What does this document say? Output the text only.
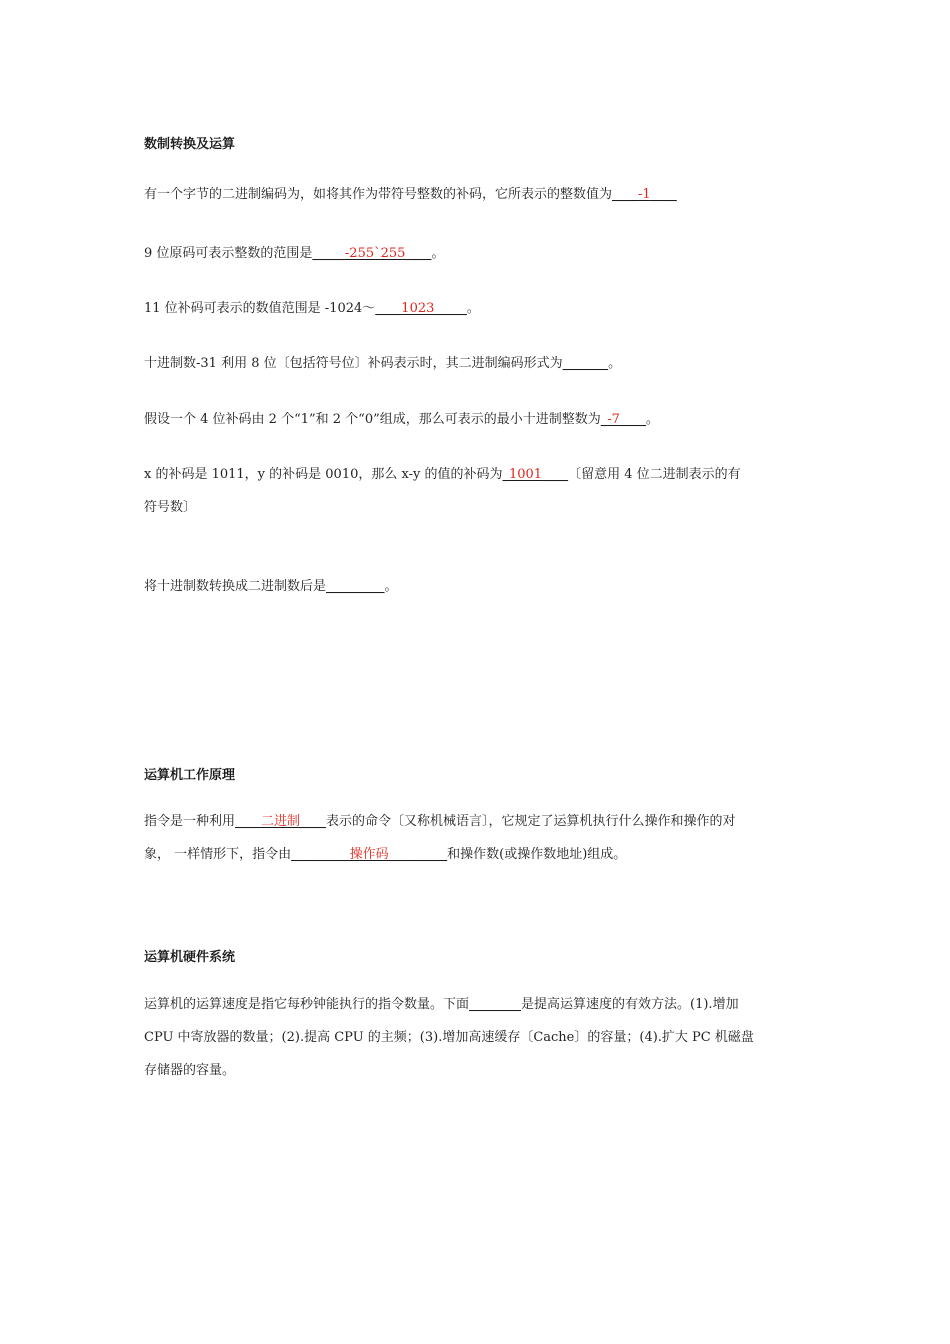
数制转换及运算
有一个字节的二进制编码为，如将其作为带符号整数的补码，它所表示的整数值为____-1____
9 位原码可表示整数的范围是_____-255`255____。
11 位补码可表示的数值范围是 -1024～____1023_____。
十进制数-31 利用 8 位〔包括符号位〕补码表示时，其二进制编码形式为_______。
假设一个 4 位补码由 2 个“1”和 2 个“0”组成，那么可表示的最小十进制整数为_-7____。
x 的补码是 1011，y 的补码是 0010，那么 x-y 的值的补码为_1001____〔留意用 4 位二进制表示的有
符号数〕
将十进制数转换成二进制数后是_________。
运算机工作原理
指令是一种利用____二进制____表示的命令〔又称机械语言〕，它规定了运算机执行什么操作和操作的对
象， 一样情形下，指令由_________操作码_________和操作数(或操作数地址)组成。
运算机硬件系统
运算机的运算速度是指它每秒钟能执行的指令数量。下面________是提高运算速度的有效方法。(1).增加
CPU 中寄放器的数量；(2).提高 CPU 的主频；(3).增加高速缓存〔Cache〕的容量；(4).扩大 PC 机磁盘
存储器的容量。
